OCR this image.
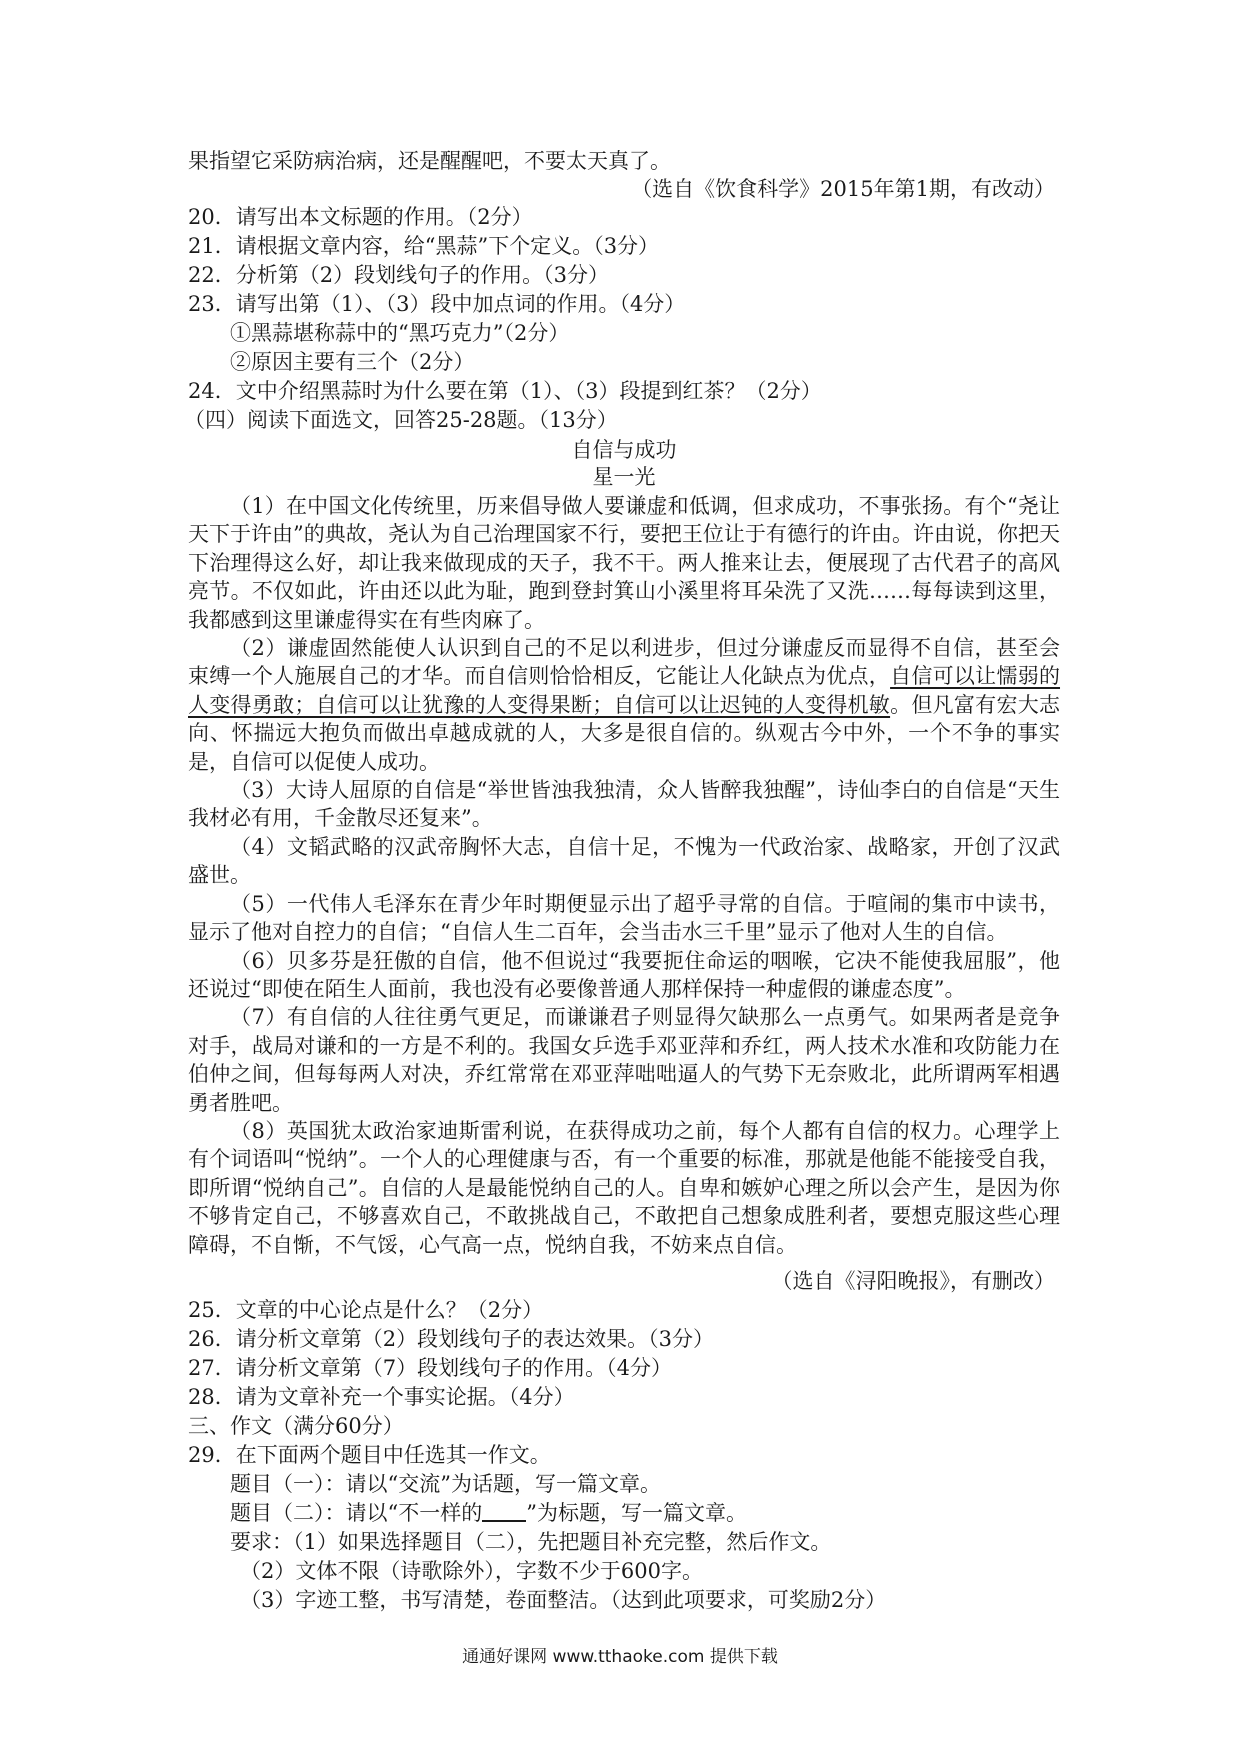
果指望它采防病治病，还是醒醒吧，不要太天真了。
（选自《饮食科学》2015年第1期，有改动）
20．请写出本文标题的作用。（2分）
21．请根据文章内容，给“黑蒜”下个定义。（3分）
22．分析第（2）段划线句子的作用。（3分）
23．请写出第（1）、（3）段中加点词的作用。（4分）
①黑蒜堪称蒜中的“黑巧克力”（2分）
②原因主要有三个（2分）
24．文中介绍黑蒜时为什么要在第（1）、（3）段提到红茶？（2分）
（四）阅读下面选文，回答25-28题。（13分）
自信与成功
星一光

（1）在中国文化传统里，历来倡导做人要谦虚和低调，但求成功，不事张扬。有个“尧让天下于许由”的典故，尧认为自己治理国家不行，要把王位让于有德行的许由。许由说，你把天下治理得这么好，却让我来做现成的天子，我不干。两人推来让去，便展现了古代君子的高风亮节。不仅如此，许由还以此为耻，跑到登封箕山小溪里将耳朵洗了又洗……每每读到这里，我都感到这里谦虚得实在有些肉麻了。

（2）谦虚固然能使人认识到自己的不足以利进步，但过分谦虚反而显得不自信，甚至会束缚一个人施展自己的才华。而自信则恰恰相反，它能让人化缺点为优点，自信可以让懦弱的人变得勇敢；自信可以让犹豫的人变得果断；自信可以让迟钝的人变得机敏。但凡富有宏大志向、怀揣远大抱负而做出卓越成就的人，大多是很自信的。纵观古今中外，一个不争的事实是，自信可以促使人成功。

（3）大诗人屈原的自信是“举世皆浊我独清，众人皆醉我独醒”，诗仙李白的自信是“天生我材必有用，千金散尽还复来”。

（4）文韬武略的汉武帝胸怀大志，自信十足，不愧为一代政治家、战略家，开创了汉武盛世。

（5）一代伟人毛泽东在青少年时期便显示出了超乎寻常的自信。于喧闹的集市中读书，显示了他对自控力的自信；“自信人生二百年，会当击水三千里”显示了他对人生的自信。

（6）贝多芬是狂傲的自信，他不但说过“我要扼住命运的咽喉，它决不能使我屈服”，他还说过“即使在陌生人面前，我也没有必要像普通人那样保持一种虚假的谦虚态度”。

（7）有自信的人往往勇气更足，而谦谦君子则显得欠缺那么一点勇气。如果两者是竞争对手，战局对谦和的一方是不利的。我国女乒选手邓亚萍和乔红，两人技术水准和攻防能力在伯仲之间，但每每两人对决，乔红常常在邓亚萍咄咄逼人的气势下无奈败北，此所谓两军相遇勇者胜吧。

（8）英国犹太政治家迪斯雷利说，在获得成功之前，每个人都有自信的权力。心理学上有个词语叫“悦纳”。一个人的心理健康与否，有一个重要的标准，那就是他能不能接受自我，即所谓“悦纳自己”。自信的人是最能悦纳自己的人。自卑和嫉妒心理之所以会产生，是因为你不够肯定自己，不够喜欢自己，不敢挑战自己，不敢把自己想象成胜利者，要想克服这些心理障碍，不自惭，不气馁，心气高一点，悦纳自我，不妨来点自信。

（选自《浔阳晚报》，有删改）
25．文章的中心论点是什么？（2分）
26．请分析文章第（2）段划线句子的表达效果。（3分）
27．请分析文章第（7）段划线句子的作用。（4分）
28．请为文章补充一个事实论据。（4分）
三、作文（满分60分）
29．在下面两个题目中任选其一作文。
题目（一）：请以“交流”为话题，写一篇文章。
题目（二）：请以“不一样的 ”为标题，写一篇文章。
要求：（1）如果选择题目（二），先把题目补充完整，然后作文。
（2）文体不限（诗歌除外），字数不少于600字。
（3）字迹工整，书写清楚，卷面整洁。（达到此项要求，可奖励2分）
通通好课网 www.tthaoke.com 提供下载
